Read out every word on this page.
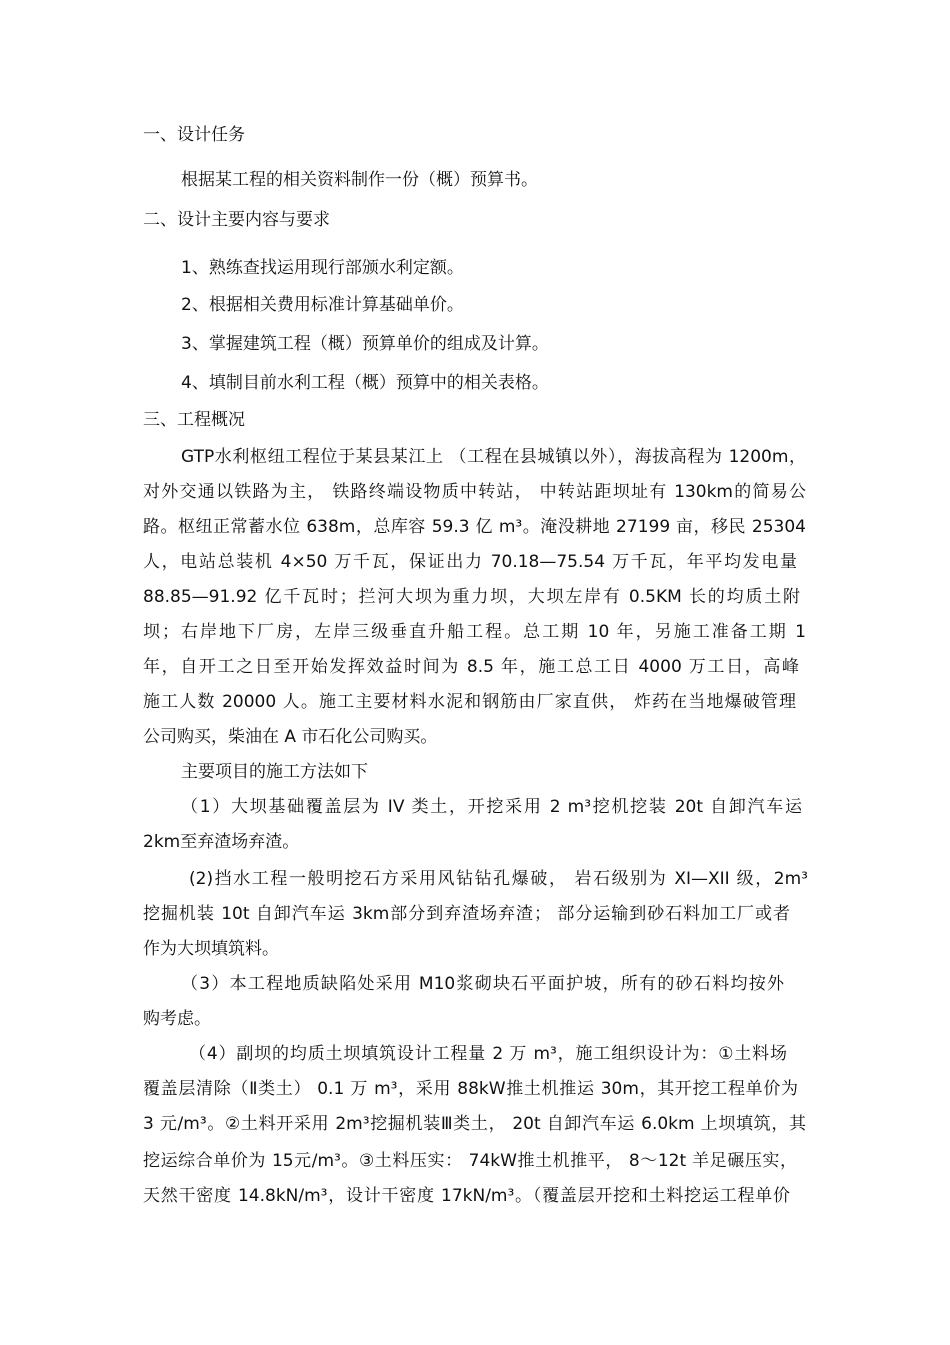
一、设计任务

根据某工程的相关资料制作一份（概）预算书。

二、设计主要内容与要求

1、熟练查找运用现行部颁水利定额。

2、根据相关费用标准计算基础单价。

3、掌握建筑工程（概）预算单价的组成及计算。

4、填制目前水利工程（概）预算中的相关表格。

三、工程概况

GTP水利枢纽工程位于某县某江上 （工程在县城镇以外），海拔高程为 1200m，

对外交通以铁路为主， 铁路终端设物质中转站， 中转站距坝址有 130km的简易公

路。枢纽正常蓄水位 638m，总库容 59.3 亿 m³。淹没耕地 27199 亩，移民 25304

人，电站总装机 4×50 万千瓦，保证出力 70.18—75.54 万千瓦，年平均发电量

88.85—91.92 亿千瓦时；拦河大坝为重力坝，大坝左岸有 0.5KM 长的均质土附

坝；右岸地下厂房，左岸三级垂直升船工程。总工期 10 年，另施工准备工期 1

年，自开工之日至开始发挥效益时间为 8.5 年，施工总工日 4000 万工日，高峰

施工人数 20000 人。施工主要材料水泥和钢筋由厂家直供， 炸药在当地爆破管理

公司购买，柴油在 A 市石化公司购买。

主要项目的施工方法如下

（1）大坝基础覆盖层为 IV 类土，开挖采用 2 m³挖机挖装 20t 自卸汽车运

2km至弃渣场弃渣。

(2)挡水工程一般明挖石方采用风钻钻孔爆破， 岩石级别为 XI—XII 级，2m³

挖掘机装 10t 自卸汽车运 3km部分到弃渣场弃渣； 部分运输到砂石料加工厂或者

作为大坝填筑料。

（3）本工程地质缺陷处采用 M10浆砌块石平面护坡，所有的砂石料均按外

购考虑。

（4）副坝的均质土坝填筑设计工程量 2 万 m³，施工组织设计为：①土料场

覆盖层清除（Ⅱ类土） 0.1 万 m³，采用 88kW推土机推运 30m，其开挖工程单价为

3 元/m³。②土料开采用 2m³挖掘机装Ⅲ类土， 20t 自卸汽车运 6.0km 上坝填筑，其

挖运综合单价为 15元/m³。③土料压实： 74kW推土机推平， 8～12t 羊足碾压实，

天然干密度 14.8kN/m³，设计干密度 17kN/m³。（覆盖层开挖和土料挖运工程单价
